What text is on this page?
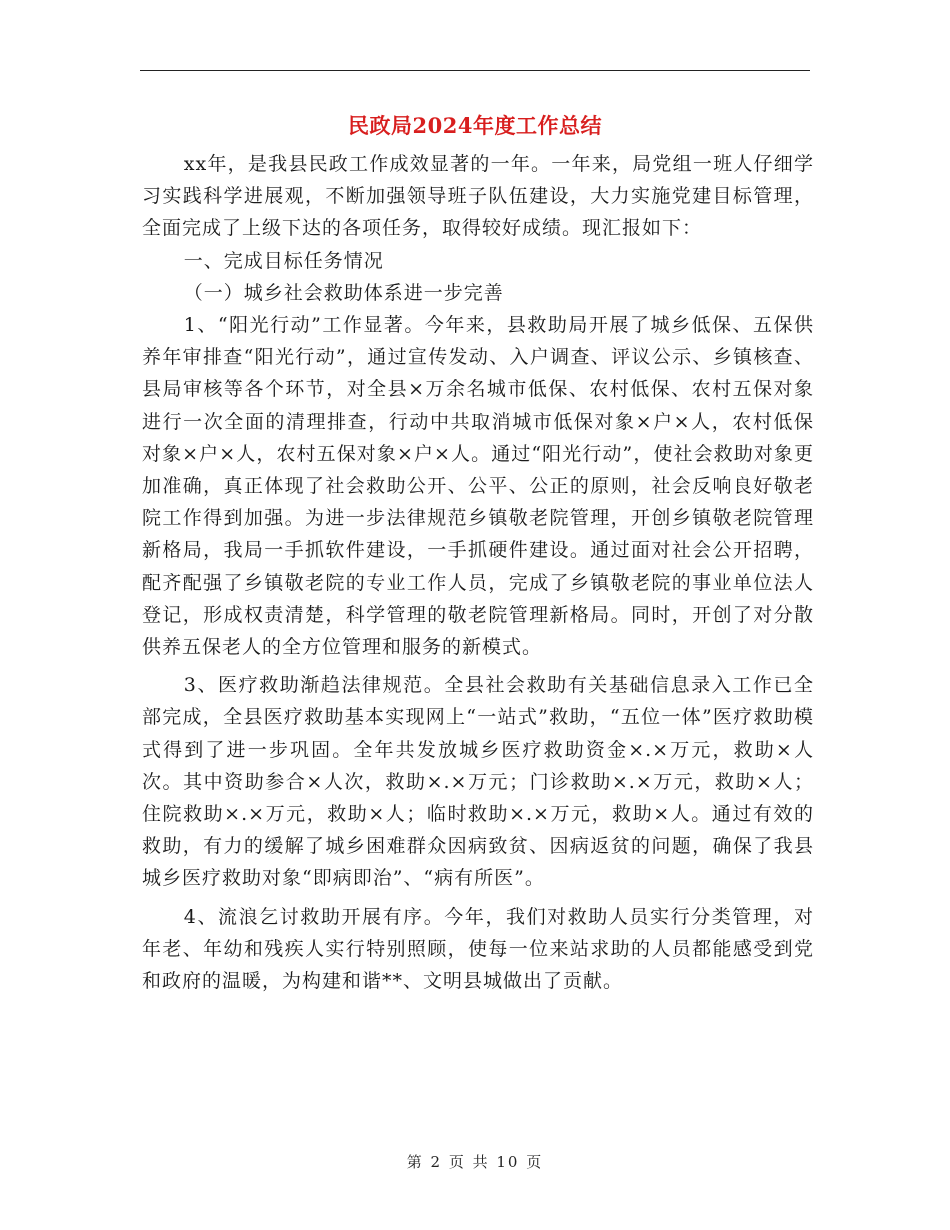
民政局2024年度工作总结

xx年，是我县民政工作成效显著的一年。一年来，局党组一班人仔细学习实践科学进展观，不断加强领导班子队伍建设，大力实施党建目标管理，全面完成了上级下达的各项任务，取得较好成绩。现汇报如下：

一、完成目标任务情况

（一）城乡社会救助体系进一步完善

1、“阳光行动”工作显著。今年来，县救助局开展了城乡低保、五保供养年审排查“阳光行动”，通过宣传发动、入户调查、评议公示、乡镇核查、县局审核等各个环节，对全县×万余名城市低保、农村低保、农村五保对象进行一次全面的清理排查，行动中共取消城市低保对象×户×人，农村低保对象×户×人，农村五保对象×户×人。通过“阳光行动”，使社会救助对象更加准确，真正体现了社会救助公开、公平、公正的原则，社会反响良好敬老院工作得到加强。为进一步法律规范乡镇敬老院管理，开创乡镇敬老院管理新格局，我局一手抓软件建设，一手抓硬件建设。通过面对社会公开招聘，配齐配强了乡镇敬老院的专业工作人员，完成了乡镇敬老院的事业单位法人登记，形成权责清楚，科学管理的敬老院管理新格局。同时，开创了对分散供养五保老人的全方位管理和服务的新模式。

3、医疗救助渐趋法律规范。全县社会救助有关基础信息录入工作已全部完成，全县医疗救助基本实现网上“一站式”救助，“五位一体”医疗救助模式得到了进一步巩固。全年共发放城乡医疗救助资金×.×万元，救助×人次。其中资助参合×人次，救助×.×万元；门诊救助×.×万元，救助×人；住院救助×.×万元，救助×人；临时救助×.×万元，救助×人。通过有效的救助，有力的缓解了城乡困难群众因病致贫、因病返贫的问题，确保了我县城乡医疗救助对象“即病即治”、“病有所医”。

4、流浪乞讨救助开展有序。今年，我们对救助人员实行分类管理，对年老、年幼和残疾人实行特别照顾，使每一位来站求助的人员都能感受到党和政府的温暖，为构建和谐**、文明县城做出了贡献。

第 2 页 共 10 页
